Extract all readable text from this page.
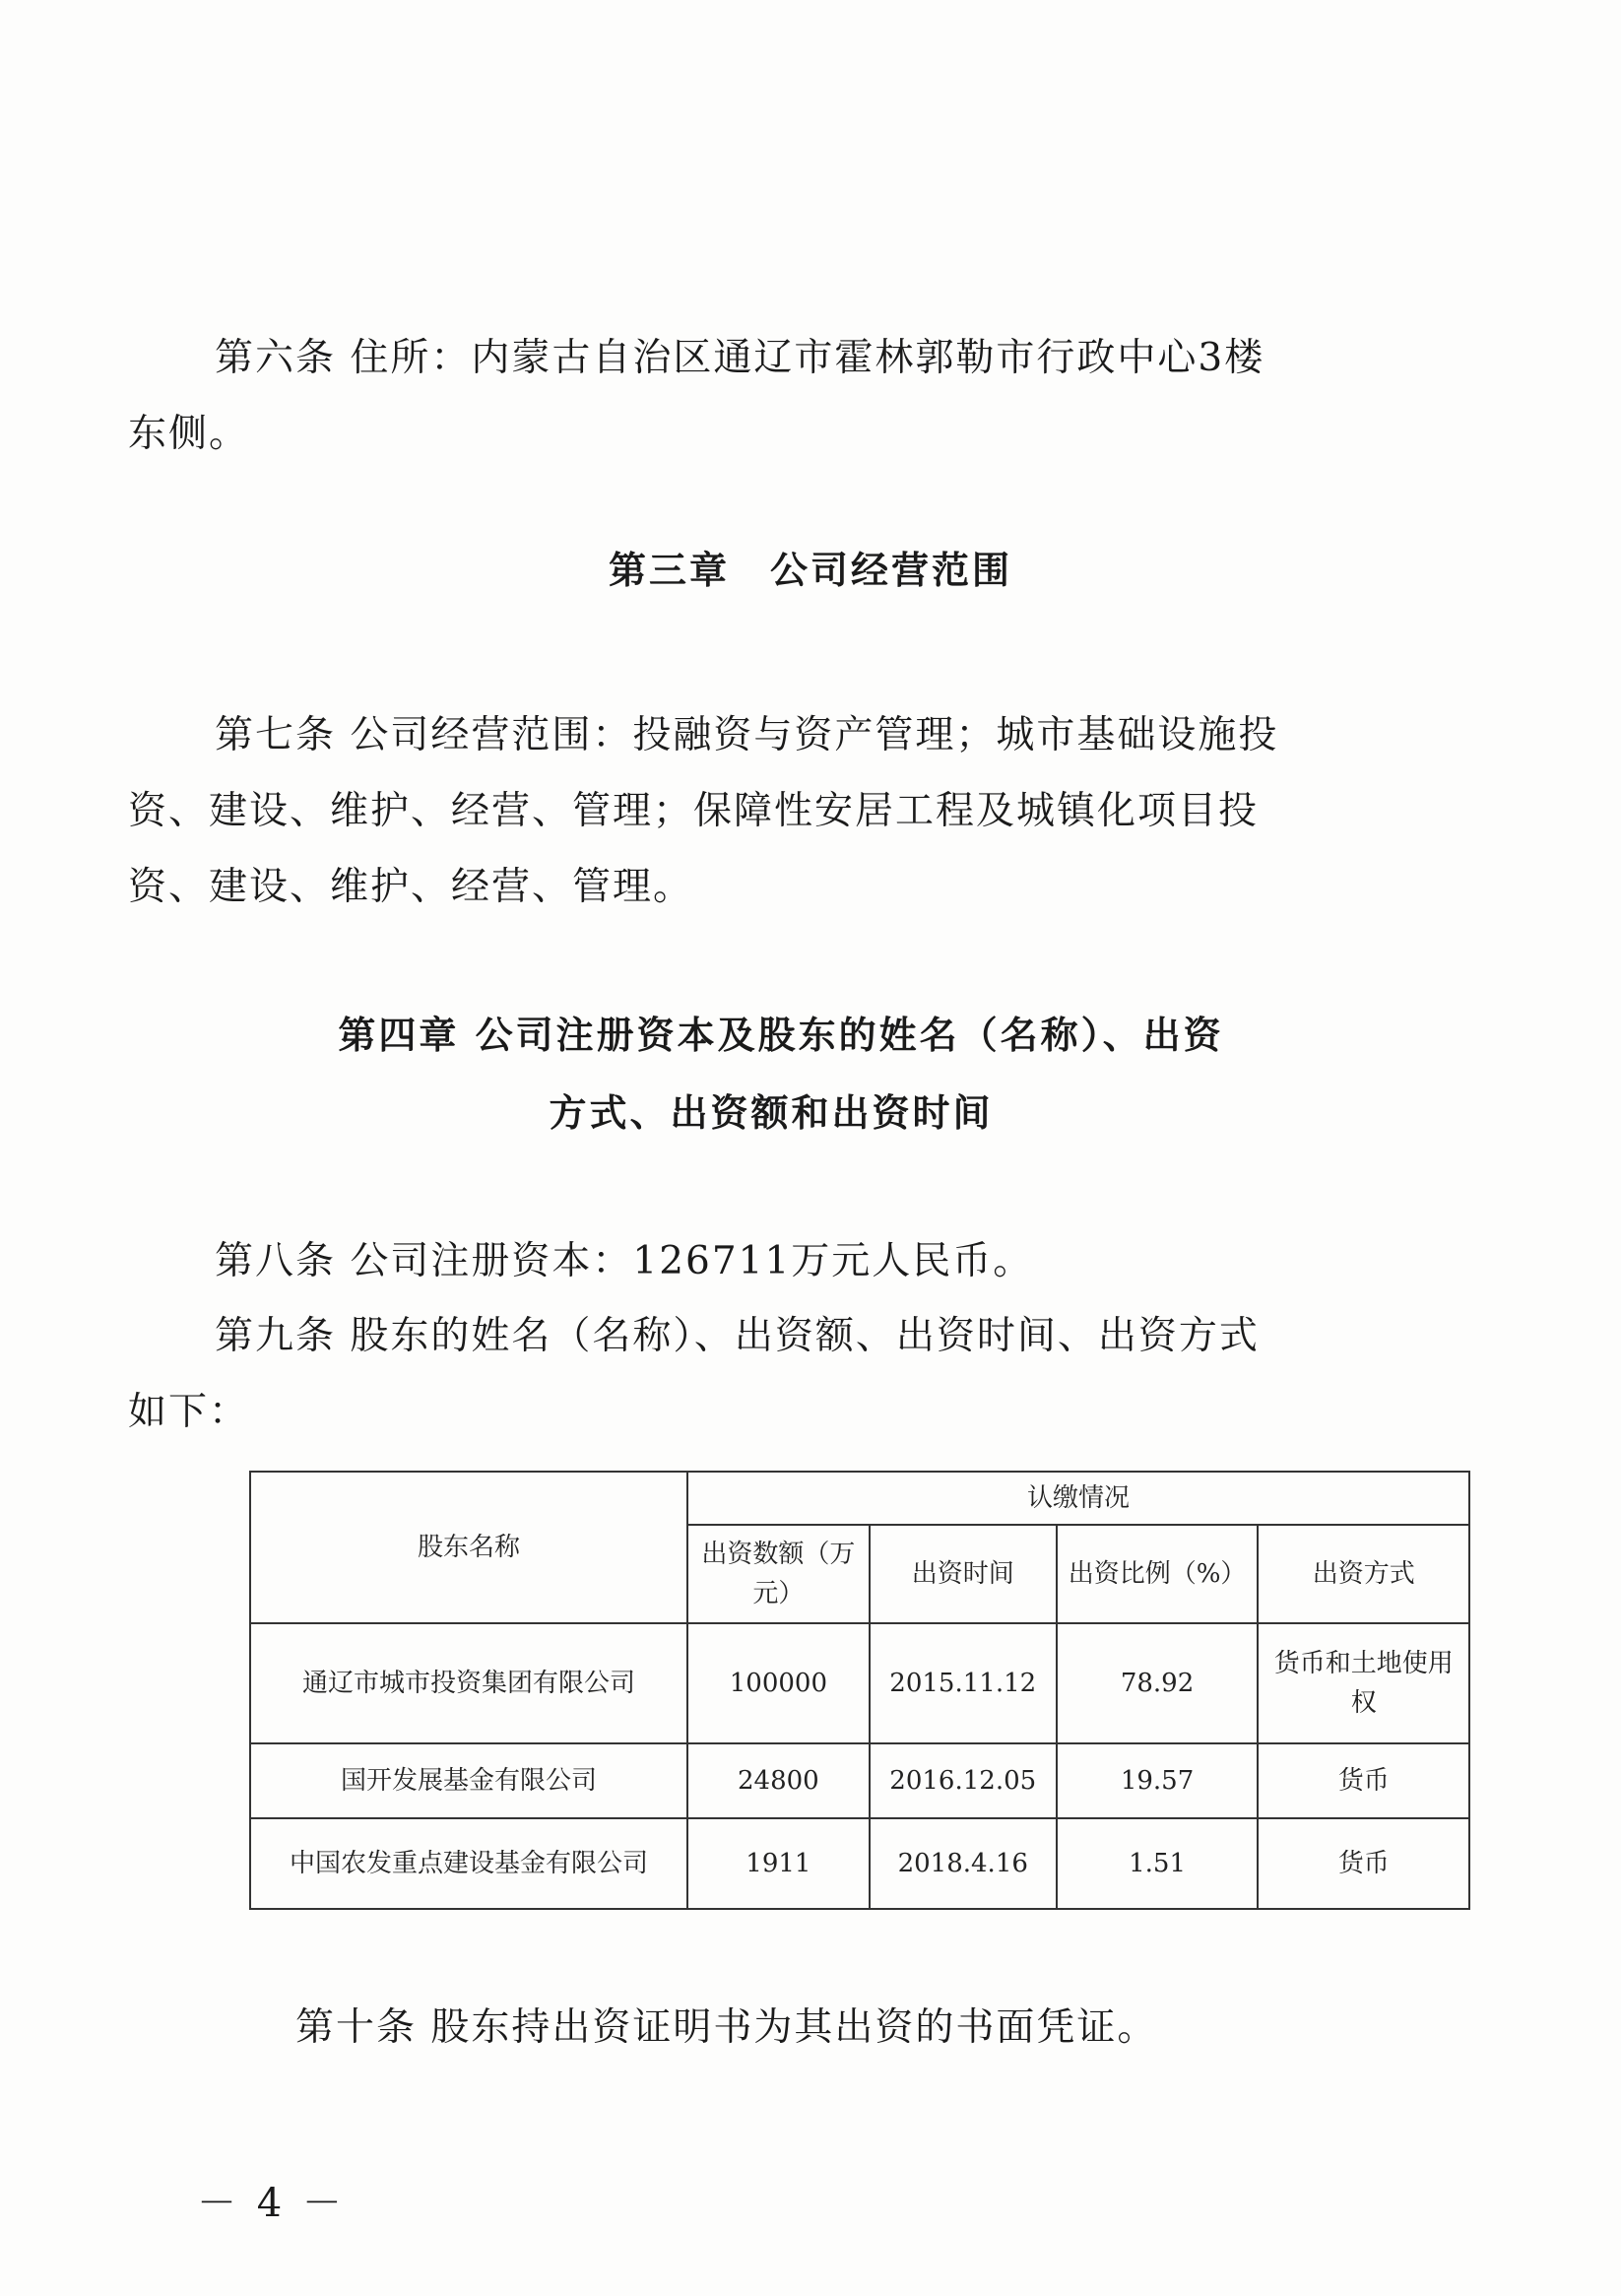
第六条 住所：内蒙古自治区通辽市霍林郭勒市行政中心3楼
东侧。
第三章　公司经营范围
第七条 公司经营范围：投融资与资产管理；城市基础设施投
资、建设、维护、经营、管理；保障性安居工程及城镇化项目投
资、建设、维护、经营、管理。
第四章 公司注册资本及股东的姓名（名称）、出资
方式、出资额和出资时间
第八条 公司注册资本：126711万元人民币。
第九条 股东的姓名（名称）、出资额、出资时间、出资方式
如下：
股东名称	认缴情况			
	出资数额（万元）	出资时间	出资比例（%）	出资方式
通辽市城市投资集团有限公司	100000	2015.11.12	78.92	货币和土地使用权
国开发展基金有限公司	24800	2016.12.05	19.57	货币
中国农发重点建设基金有限公司	1911	2018.4.16	1.51	货币
第十条 股东持出资证明书为其出资的书面凭证。
－ 4 －
